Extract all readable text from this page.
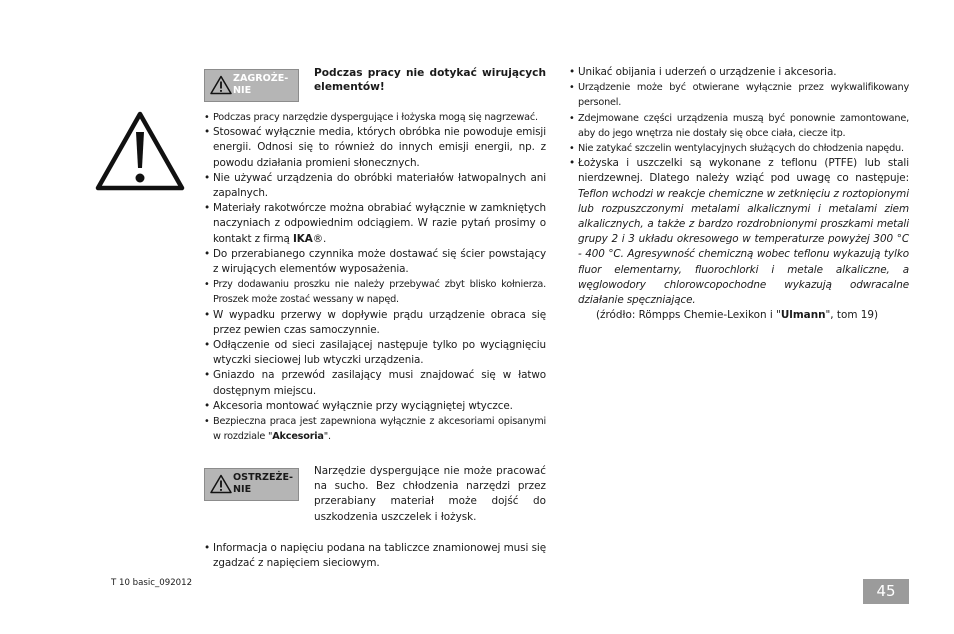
ZAGROŻE-
NIE
Podczas pracy nie dotykać wirujących elementów!
• Podczas pracy narzędzie dyspergujące i łożyska mogą się nagrzewać.
• Stosować wyłącznie media, których obróbka nie powoduje emisji energii. Odnosi się to również do innych emisji energii, np. z powodu działania promieni słonecznych.
• Nie używać urządzenia do obróbki materiałów łatwopalnych ani zapalnych.
• Materiały rakotwórcze można obrabiać wyłącznie w zamkniętych naczyniach z odpowiednim odciągiem. W razie pytań prosimy o kontakt z firmą IKA®.
• Do przerabianego czynnika może dostawać się ścier powstający z wirujących elementów wyposażenia.
• Przy dodawaniu proszku nie należy przebywać zbyt blisko kołnierza. Proszek może zostać wessany w napęd.
• W wypadku przerwy w dopływie prądu urządzenie obraca się przez pewien czas samoczynnie.
• Odłączenie od sieci zasilającej następuje tylko po wyciągnięciu wtyczki sieciowej lub wtyczki urządzenia.
• Gniazdo na przewód zasilający musi znajdować się w łatwo dostępnym miejscu.
• Akcesoria montować wyłącznie przy wyciągniętej wtyczce.
• Bezpieczna praca jest zapewniona wyłącznie z akcesoriami opisanymi w rozdziale "Akcesoria".
OSTRZEŻE-
NIE
Narzędzie dyspergujące nie może pracować na sucho. Bez chłodzenia narzędzi przez przerabiany materiał może dojść do uszkodzenia uszczelek i łożysk.
• Informacja o napięciu podana na tabliczce znamionowej musi się zgadzać z napięciem sieciowym.
• Unikać obijania i uderzeń o urządzenie i akcesoria.
• Urządzenie może być otwierane wyłącznie przez wykwalifikowany personel.
• Zdejmowane części urządzenia muszą być ponownie zamontowane, aby do jego wnętrza nie dostały się obce ciała, ciecze itp.
• Nie zatykać szczelin wentylacyjnych służących do chłodzenia napędu.
• Łożyska i uszczelki są wykonane z teflonu (PTFE) lub stali nierdzewnej. Dlatego należy wziąć pod uwagę co następuje: Teflon wchodzi w reakcje chemiczne w zetknięciu z roztopionymi lub rozpuszczonymi metalami alkalicznymi i metalami ziem alkalicznych, a także z bardzo rozdrobnionymi proszkami metali grupy 2 i 3 układu okresowego w temperaturze powyżej 300 °C - 400 °C. Agresywność chemiczną wobec teflonu wykazują tylko fluor elementarny, fluorochlorki i metale alkaliczne, a węglowodory chlorowcopochodne wykazują odwracalne działanie spęczniające.
(źródło: Römpps Chemie-Lexikon i "Ulmann", tom 19)
T 10 basic_092012	45
